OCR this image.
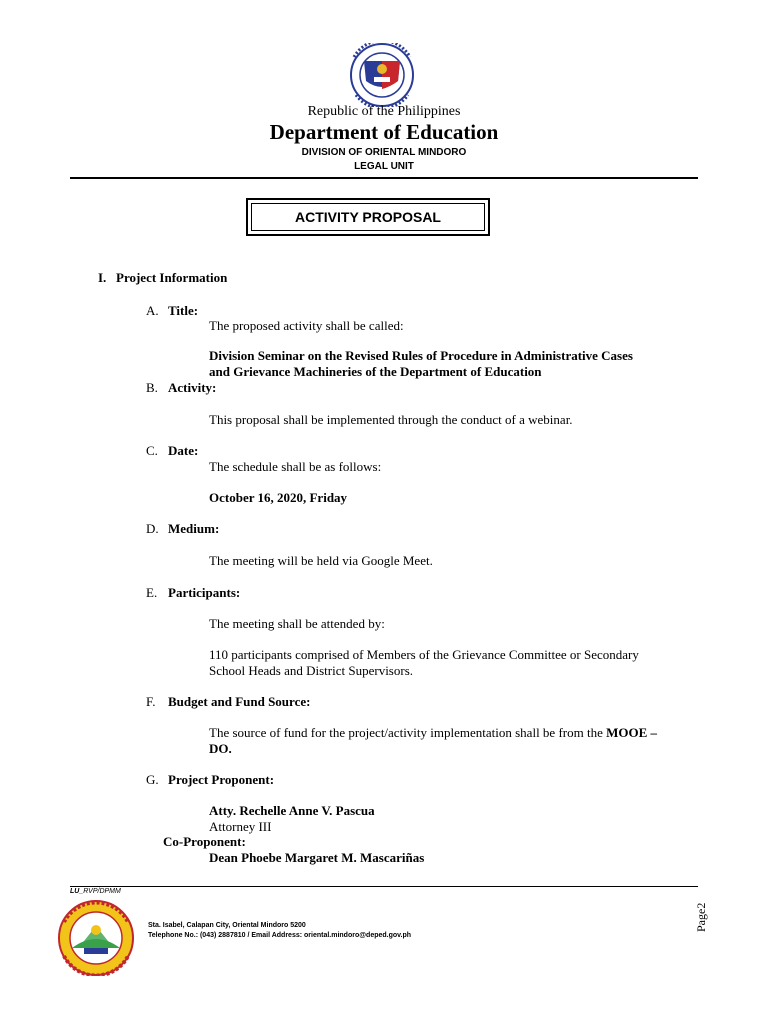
Republic of the Philippines
Department of Education
DIVISION OF ORIENTAL MINDORO
LEGAL UNIT
ACTIVITY PROPOSAL
I. Project Information
A. Title:
The proposed activity shall be called:
Division Seminar on the Revised Rules of Procedure in Administrative Cases
and Grievance Machineries of the Department of Education
B. Activity:
This proposal shall be implemented through the conduct of a webinar.
C. Date:
The schedule shall be as follows:
October 16, 2020, Friday
D. Medium:
The meeting will be held via Google Meet.
E. Participants:
The meeting shall be attended by:
110 participants comprised of Members of the Grievance Committee or Secondary
School Heads and District Supervisors.
F. Budget and Fund Source:
The source of fund for the project/activity implementation shall be from the MOOE –
DO.
G. Project Proponent:
Atty. Rechelle Anne V. Pascua
Attorney III
Co-Proponent:
Dean Phoebe Margaret M. Mascariñas
LU_RVP/DPMM
Sta. Isabel, Calapan City, Oriental Mindoro 5200
Telephone No.: (043) 2887810 / Email Address: oriental.mindoro@deped.gov.ph
Page2
